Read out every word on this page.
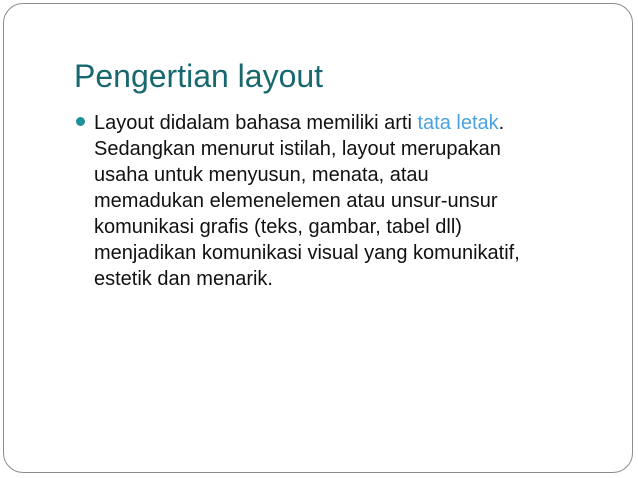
Pengertian layout
Layout didalam bahasa memiliki arti tata letak.
Sedangkan menurut istilah, layout merupakan
usaha untuk menyusun, menata, atau
memadukan elemenelemen atau unsur-unsur
komunikasi grafis (teks, gambar, tabel dll)
menjadikan komunikasi visual yang komunikatif,
estetik dan menarik.
